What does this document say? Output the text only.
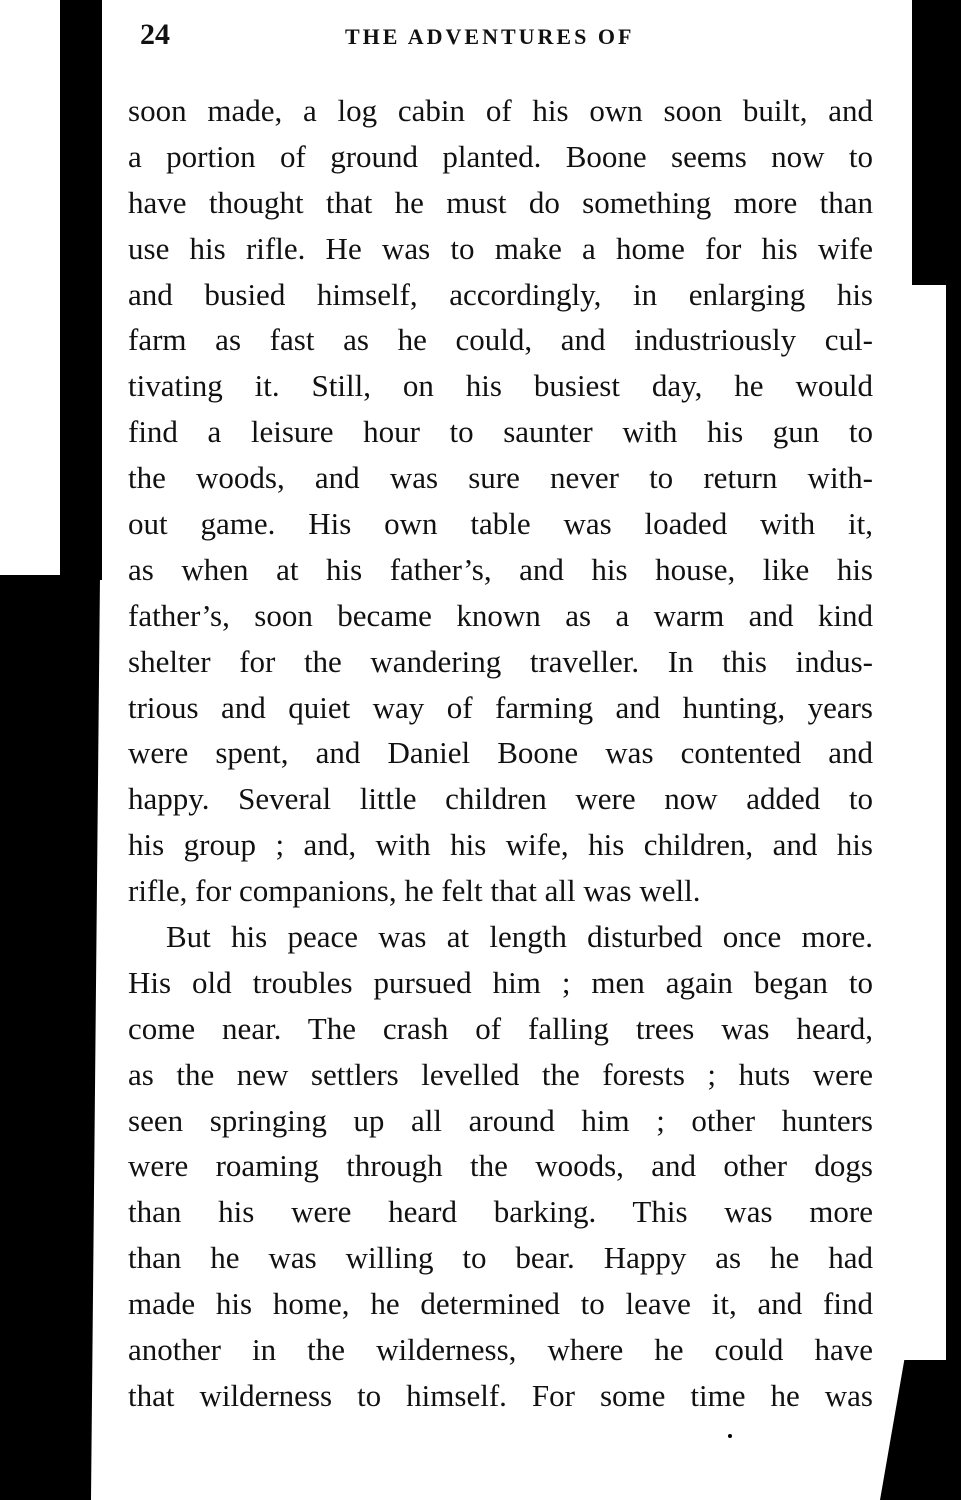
24	THE ADVENTURES OF
soon made, a log cabin of his own soon built, and
a portion of ground planted. Boone seems now to
have thought that he must do something more than
use his rifle. He was to make a home for his wife
and busied himself, accordingly, in enlarging his
farm as fast as he could, and industriously cul-
tivating it. Still, on his busiest day, he would
find a leisure hour to saunter with his gun to
the woods, and was sure never to return with-
out game. His own table was loaded with it,
as when at his father’s, and his house, like his
father’s, soon became known as a warm and kind
shelter for the wandering traveller. In this indus-
trious and quiet way of farming and hunting, years
were spent, and Daniel Boone was contented and
happy. Several little children were now added to
his group ; and, with his wife, his children, and his
rifle, for companions, he felt that all was well.
But his peace was at length disturbed once more.
His old troubles pursued him ; men again began to
come near. The crash of falling trees was heard,
as the new settlers levelled the forests ; huts were
seen springing up all around him ; other hunters
were roaming through the woods, and other dogs
than his were heard barking. This was more
than he was willing to bear. Happy as he had
made his home, he determined to leave it, and find
another in the wilderness, where he could have
that wilderness to himself. For some time he was
